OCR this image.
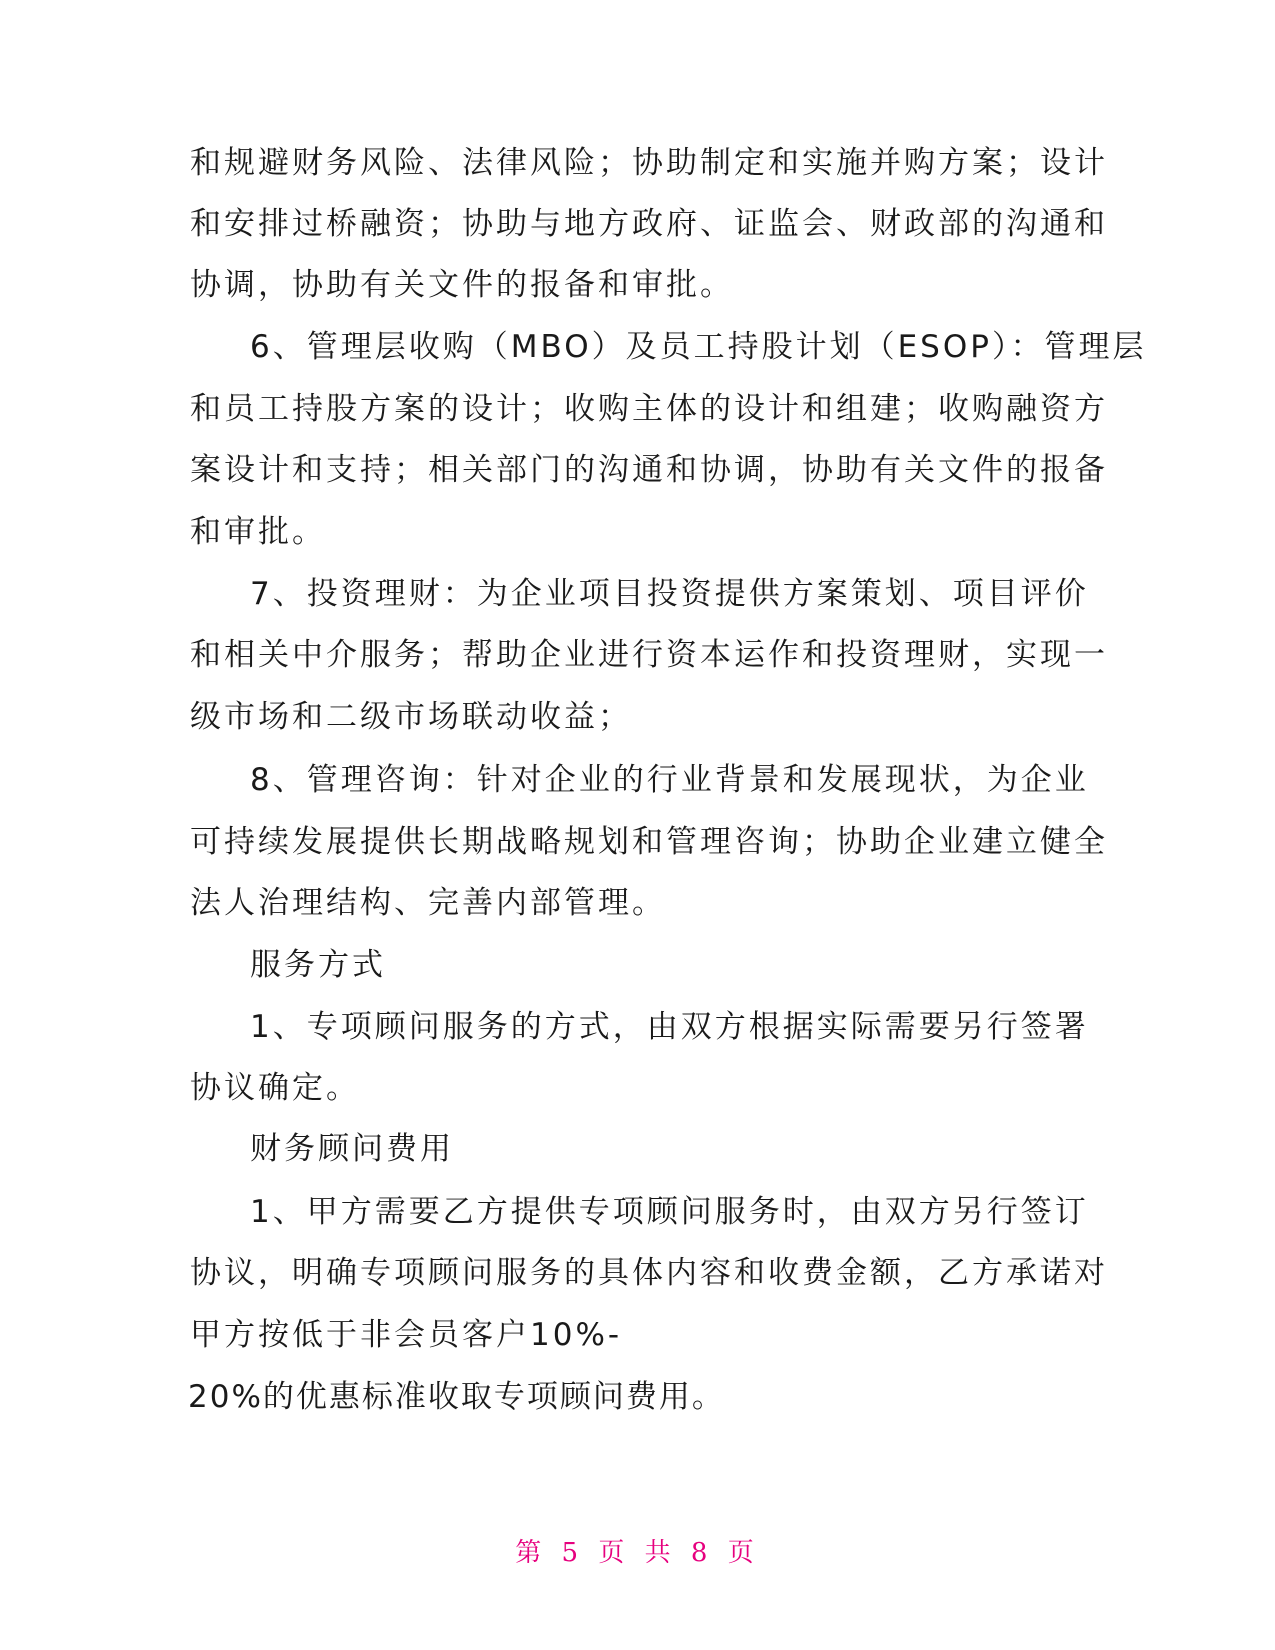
和规避财务风险、法律风险；协助制定和实施并购方案；设计
和安排过桥融资；协助与地方政府、证监会、财政部的沟通和
协调，协助有关文件的报备和审批。
6、管理层收购（MBO）及员工持股计划（ESOP）：管理层
和员工持股方案的设计；收购主体的设计和组建；收购融资方
案设计和支持；相关部门的沟通和协调，协助有关文件的报备
和审批。
7、投资理财：为企业项目投资提供方案策划、项目评价
和相关中介服务；帮助企业进行资本运作和投资理财，实现一
级市场和二级市场联动收益；
8、管理咨询：针对企业的行业背景和发展现状，为企业
可持续发展提供长期战略规划和管理咨询；协助企业建立健全
法人治理结构、完善内部管理。
服务方式
1、专项顾问服务的方式，由双方根据实际需要另行签署
协议确定。
财务顾问费用
1、甲方需要乙方提供专项顾问服务时，由双方另行签订
协议，明确专项顾问服务的具体内容和收费金额，乙方承诺对
甲方按低于非会员客户10%-
20%的优惠标准收取专项顾问费用。
第 5 页 共 8 页
